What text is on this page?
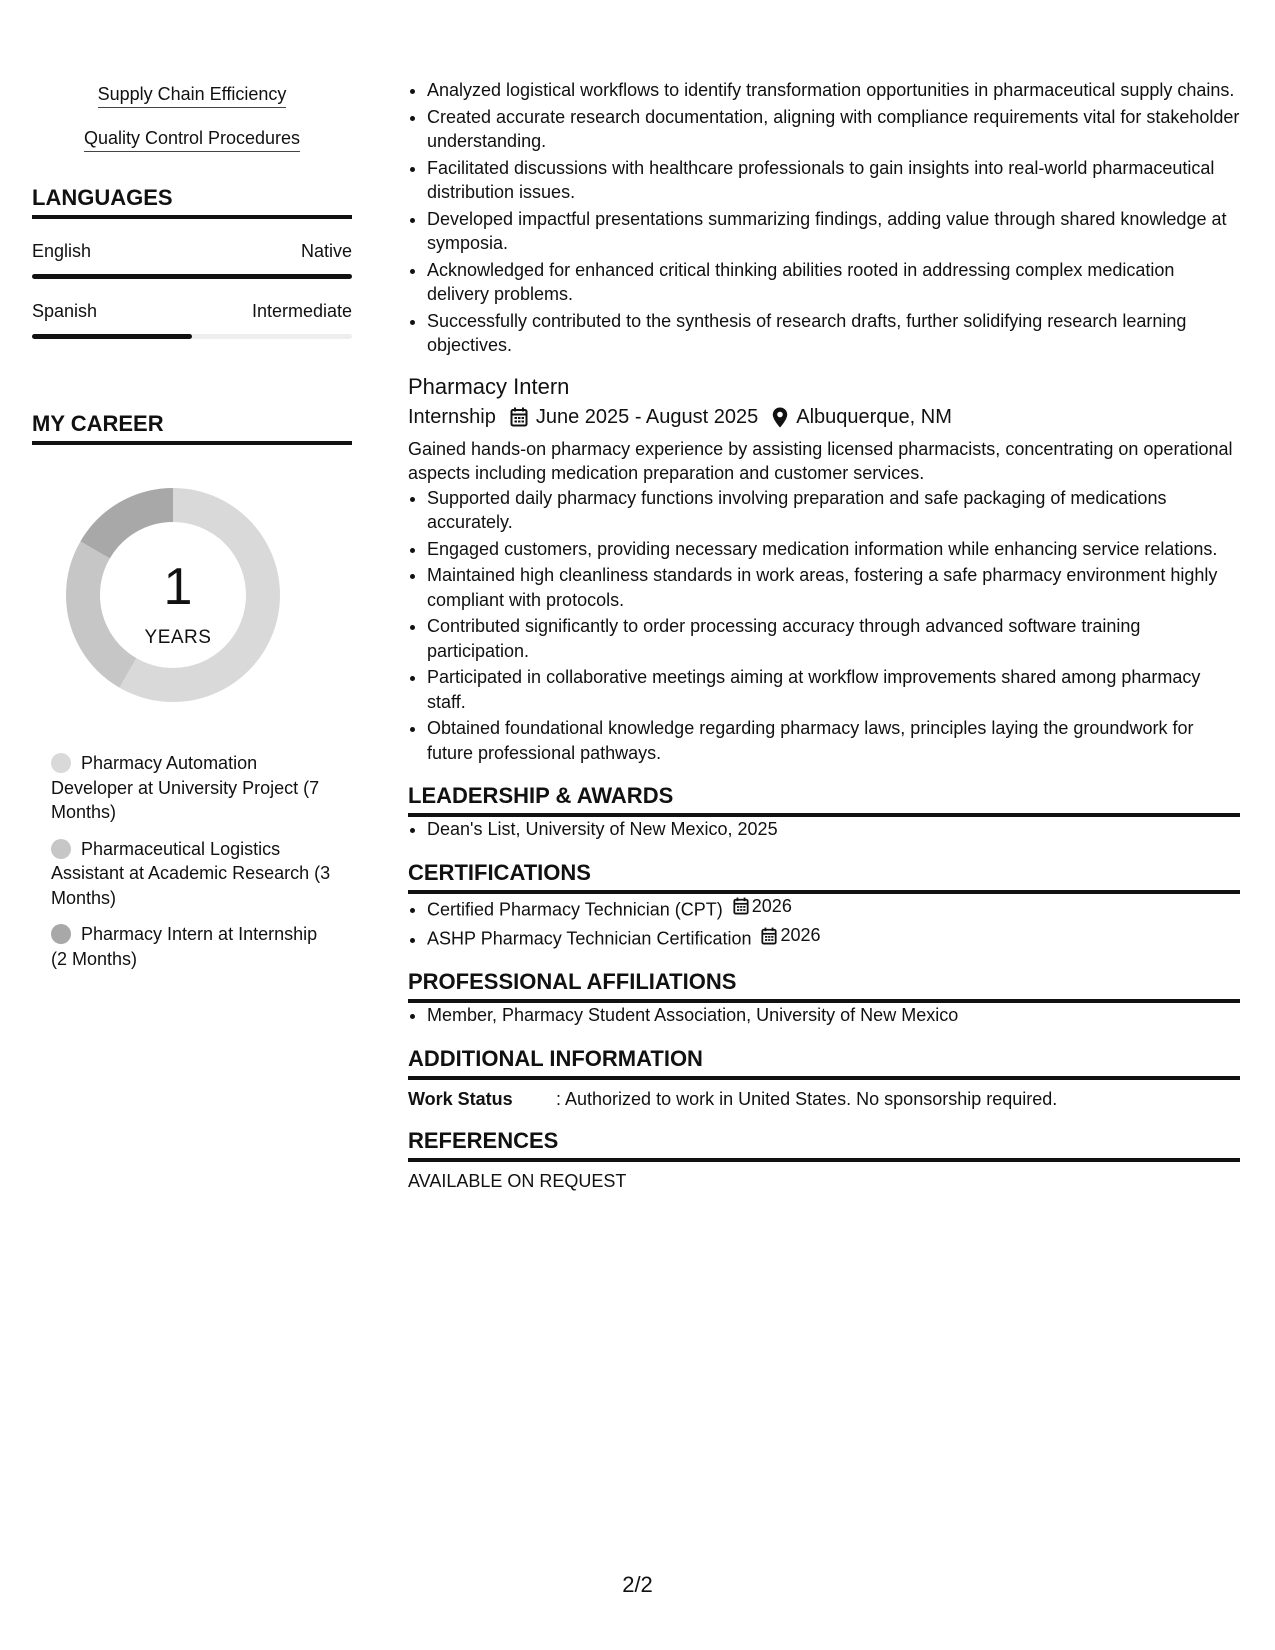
Supply Chain Efficiency
Quality Control Procedures
LANGUAGES
English	Native
Spanish	Intermediate
MY CAREER
1
YEARS
Pharmacy Automation Developer at University Project (7 Months)
Pharmaceutical Logistics Assistant at Academic Research (3 Months)
Pharmacy Intern at Internship (2 Months)
• Analyzed logistical workflows to identify transformation opportunities in pharmaceutical supply chains.
• Created accurate research documentation, aligning with compliance requirements vital for stakeholder understanding.
• Facilitated discussions with healthcare professionals to gain insights into real-world pharmaceutical distribution issues.
• Developed impactful presentations summarizing findings, adding value through shared knowledge at symposia.
• Acknowledged for enhanced critical thinking abilities rooted in addressing complex medication delivery problems.
• Successfully contributed to the synthesis of research drafts, further solidifying research learning objectives.
Pharmacy Intern
Internship June 2025 - August 2025 Albuquerque, NM
Gained hands-on pharmacy experience by assisting licensed pharmacists, concentrating on operational aspects including medication preparation and customer services.
• Supported daily pharmacy functions involving preparation and safe packaging of medications accurately.
• Engaged customers, providing necessary medication information while enhancing service relations.
• Maintained high cleanliness standards in work areas, fostering a safe pharmacy environment highly compliant with protocols.
• Contributed significantly to order processing accuracy through advanced software training participation.
• Participated in collaborative meetings aiming at workflow improvements shared among pharmacy staff.
• Obtained foundational knowledge regarding pharmacy laws, principles laying the groundwork for future professional pathways.
LEADERSHIP & AWARDS
• Dean's List, University of New Mexico, 2025
CERTIFICATIONS
• Certified Pharmacy Technician (CPT) 2026
• ASHP Pharmacy Technician Certification 2026
PROFESSIONAL AFFILIATIONS
• Member, Pharmacy Student Association, University of New Mexico
ADDITIONAL INFORMATION
Work Status	: Authorized to work in United States. No sponsorship required.
REFERENCES
AVAILABLE ON REQUEST
2/2
